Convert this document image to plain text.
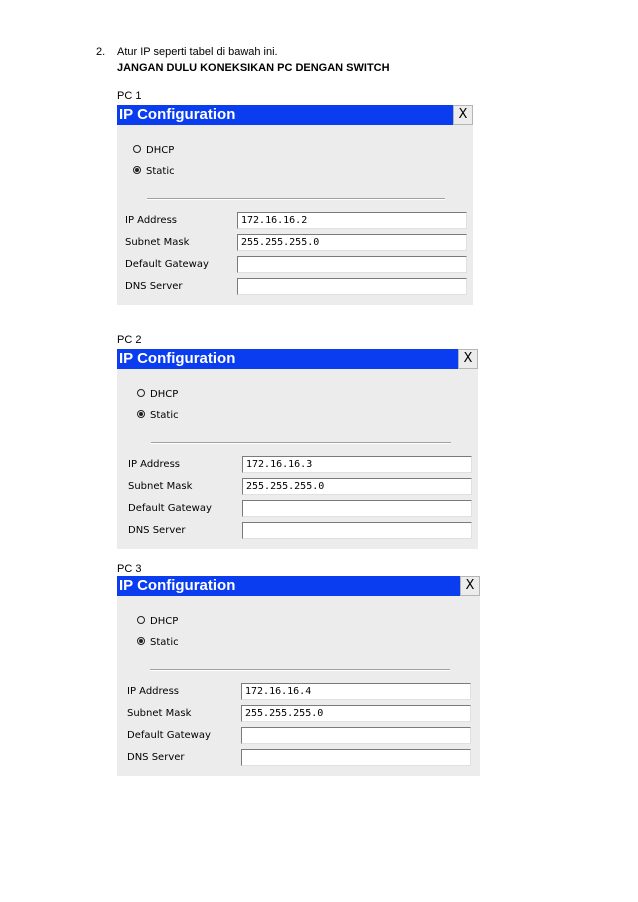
2. Atur IP seperti tabel di bawah ini.
JANGAN DULU KONEKSIKAN PC DENGAN SWITCH
PC 1
IP Configuration	X
DHCP
Static
IP Address	172.16.16.2
Subnet Mask	255.255.255.0
Default Gateway
DNS Server
PC 2
IP Configuration	X
DHCP
Static
IP Address	172.16.16.3
Subnet Mask	255.255.255.0
Default Gateway
DNS Server
PC 3
IP Configuration	X
DHCP
Static
IP Address	172.16.16.4
Subnet Mask	255.255.255.0
Default Gateway
DNS Server
